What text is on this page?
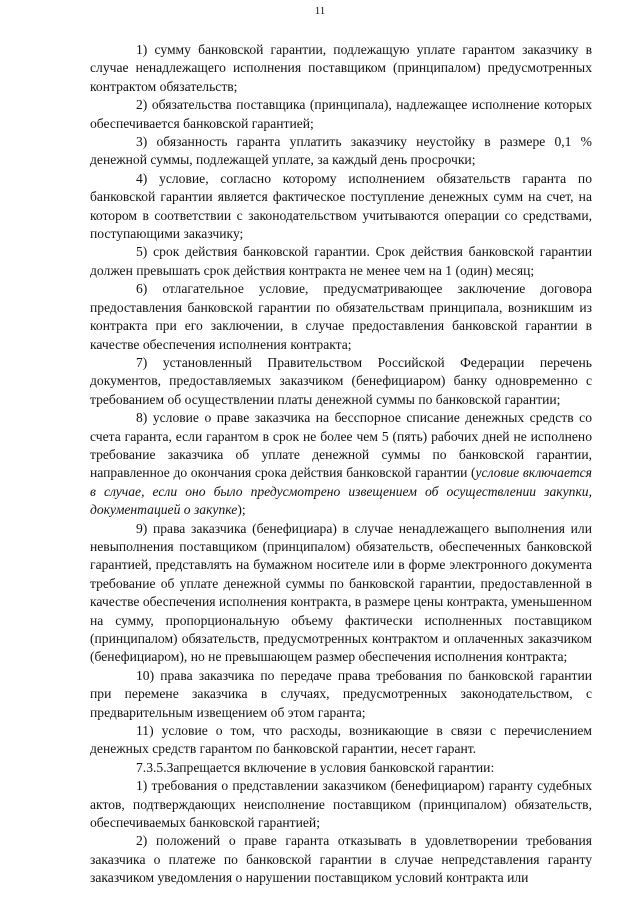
11

1) сумму банковской гарантии, подлежащую уплате гарантом заказчику в случае ненадлежащего исполнения поставщиком (принципалом) предусмотренных контрактом обязательств;

2) обязательства поставщика (принципала), надлежащее исполнение которых обеспечивается банковской гарантией;

3) обязанность гаранта уплатить заказчику неустойку в размере 0,1 % денежной суммы, подлежащей уплате, за каждый день просрочки;

4) условие, согласно которому исполнением обязательств гаранта по банковской гарантии является фактическое поступление денежных сумм на счет, на котором в соответствии с законодательством учитываются операции со средствами, поступающими заказчику;

5) срок действия банковской гарантии. Срок действия банковской гарантии должен превышать срок действия контракта не менее чем на 1 (один) месяц;

6) отлагательное условие, предусматривающее заключение договора предоставления банковской гарантии по обязательствам принципала, возникшим из контракта при его заключении, в случае предоставления банковской гарантии в качестве обеспечения исполнения контракта;

7) установленный Правительством Российской Федерации перечень документов, предоставляемых заказчиком (бенефициаром) банку одновременно с требованием об осуществлении платы денежной суммы по банковской гарантии;

8) условие о праве заказчика на бесспорное списание денежных средств со счета гаранта, если гарантом в срок не более чем 5 (пять) рабочих дней не исполнено требование заказчика об уплате денежной суммы по банковской гарантии, направленное до окончания срока действия банковской гарантии (условие включается в случае, если оно было предусмотрено извещением об осуществлении закупки, документацией о закупке);

9) права заказчика (бенефициара) в случае ненадлежащего выполнения или невыполнения поставщиком (принципалом) обязательств, обеспеченных банковской гарантией, представлять на бумажном носителе или в форме электронного документа требование об уплате денежной суммы по банковской гарантии, предоставленной в качестве обеспечения исполнения контракта, в размере цены контракта, уменьшенном на сумму, пропорциональную объему фактически исполненных поставщиком (принципалом) обязательств, предусмотренных контрактом и оплаченных заказчиком (бенефициаром), но не превышающем размер обеспечения исполнения контракта;

10) права заказчика по передаче права требования по банковской гарантии при перемене заказчика в случаях, предусмотренных законодательством, с предварительным извещением об этом гаранта;

11) условие о том, что расходы, возникающие в связи с перечислением денежных средств гарантом по банковской гарантии, несет гарант.

7.3.5.Запрещается включение в условия банковской гарантии:

1) требования о представлении заказчиком (бенефициаром) гаранту судебных актов, подтверждающих неисполнение поставщиком (принципалом) обязательств, обеспечиваемых банковской гарантией;

2) положений о праве гаранта отказывать в удовлетворении требования заказчика о платеже по банковской гарантии в случае непредставления гаранту заказчиком уведомления о нарушении поставщиком условий контракта или
